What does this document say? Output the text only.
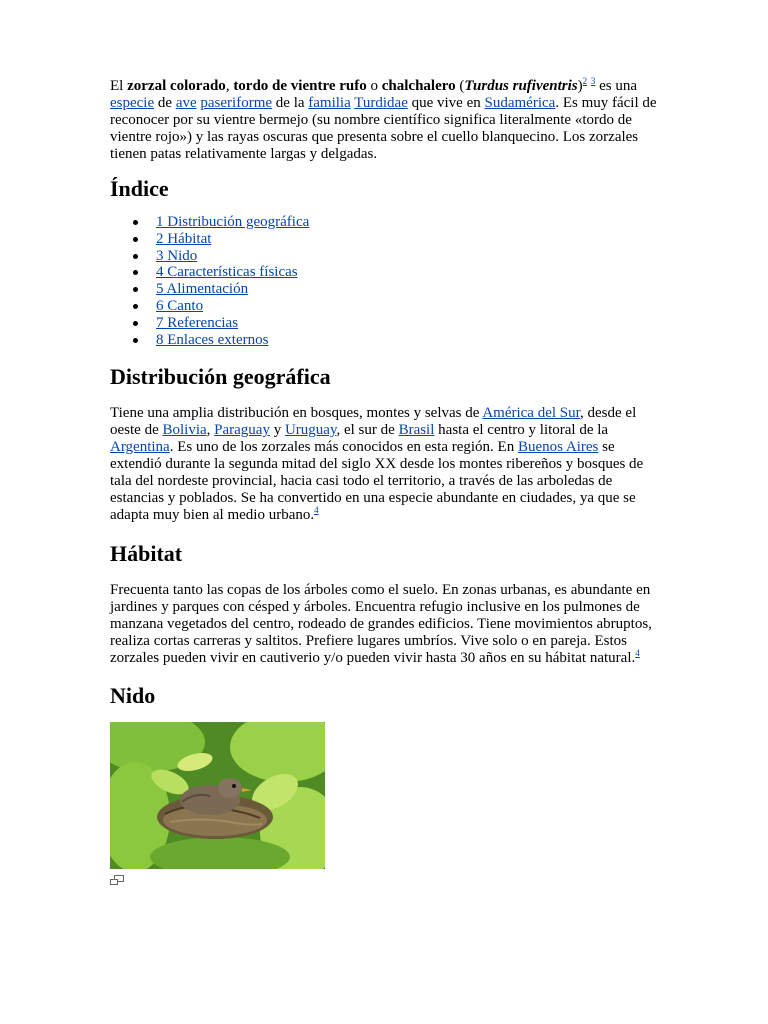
El zorzal colorado, tordo de vientre rufo o chalchalero (Turdus rufiventris)$^2$ $^3$ es una especie de ave paseriforme de la familia Turdidae que vive en Sudamérica. Es muy fácil de reconocer por su vientre bermejo (su nombre científico significa literalmente «tordo de vientre rojo») y las rayas oscuras que presenta sobre el cuello blanquecino. Los zorzales tienen patas relativamente largas y delgadas.

Índice
1 Distribución geográfica
2 Hábitat
3 Nido
4 Características físicas
5 Alimentación
6 Canto
7 Referencias
8 Enlaces externos
Distribución geográfica

Tiene una amplia distribución en bosques, montes y selvas de América del Sur, desde el oeste de Bolivia, Paraguay y Uruguay, el sur de Brasil hasta el centro y litoral de la Argentina. Es uno de los zorzales más conocidos en esta región. En Buenos Aires se extendió durante la segunda mitad del siglo XX desde los montes ribereños y bosques de tala del nordeste provincial, hacia casi todo el territorio, a través de las arboledas de estancias y poblados. Se ha convertido en una especie abundante en ciudades, ya que se adapta muy bien al medio urbano.$^4$

Hábitat

Frecuenta tanto las copas de los árboles como el suelo. En zonas urbanas, es abundante en jardines y parques con césped y árboles. Encuentra refugio inclusive en los pulmones de manzana vegetados del centro, rodeado de grandes edificios. Tiene movimientos abruptos, realiza cortas carreras y saltitos. Prefiere lugares umbríos. Vive solo o en pareja. Estos zorzales pueden vivir en cautiverio y/o pueden vivir hasta 30 años en su hábitat natural.$^4$

Nido
